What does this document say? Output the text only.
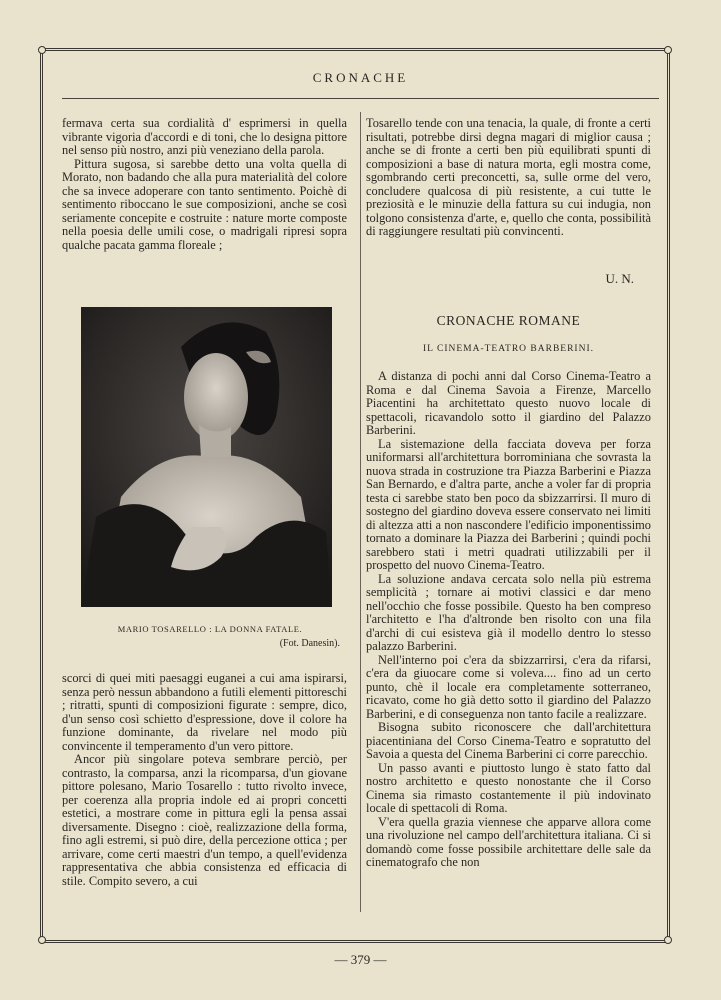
CRONACHE

fermava certa sua cordialità d' esprimersi in quella vibrante vigoria d'accordi e di toni, che lo designa pittore nel senso più nostro, anzi più veneziano della parola.

Pittura sugosa, si sarebbe detto una volta quella di Morato, non badando che alla pura materialità del colore che sa invece adoperare con tanto sentimento. Poichè di sentimento riboccano le sue composizioni, anche se così seriamente concepite e costruite : nature morte composte nella poesia delle umili cose, o madrigali ripresi sopra qualche pacata gamma floreale ;

MARIO TOSARELLO : LA DONNA FATALE.
(Fot. Danesin).

scorci di quei miti paesaggi euganei a cui ama ispirarsi, senza però nessun abbandono a futili elementi pittoreschi ; ritratti, spunti di composizioni figurate : sempre, dico, d'un senso così schietto d'espressione, dove il colore ha funzione dominante, da rivelare nel modo più convincente il temperamento d'un vero pittore.

Ancor più singolare poteva sembrare perciò, per contrasto, la comparsa, anzi la ricomparsa, d'un giovane pittore polesano, Mario Tosarello : tutto rivolto invece, per coerenza alla propria indole ed ai propri concetti estetici, a mostrare come in pittura egli la pensa assai diversamente. Disegno : cioè, realizzazione della forma, fino agli estremi, si può dire, della percezione ottica ; per arrivare, come certi maestri d'un tempo, a quell'evidenza rappresentativa che abbia consistenza ed efficacia di stile. Compito severo, a cui

Tosarello tende con una tenacia, la quale, di fronte a certi risultati, potrebbe dirsi degna magari di miglior causa ; anche se di fronte a certi ben più equilibrati spunti di composizioni a base di natura morta, egli mostra come, sgombrando certi preconcetti, sa, sulle orme del vero, concludere qualcosa di più resistente, a cui tutte le preziosità e le minuzie della fattura su cui indugia, non tolgono consistenza d'arte, e, quello che conta, possibilità di raggiungere resultati più convincenti.

U. N.
CRONACHE ROMANE
IL CINEMA-TEATRO BARBERINI.

A distanza di pochi anni dal Corso Cinema-Teatro a Roma e dal Cinema Savoia a Firenze, Marcello Piacentini ha architettato questo nuovo locale di spettacoli, ricavandolo sotto il giardino del Palazzo Barberini.

La sistemazione della facciata doveva per forza uniformarsi all'architettura borrominiana che sovrasta la nuova strada in costruzione tra Piazza Barberini e Piazza San Bernardo, e d'altra parte, anche a voler far di propria testa ci sarebbe stato ben poco da sbizzarrirsi. Il muro di sostegno del giardino doveva essere conservato nei limiti di altezza atti a non nascondere l'edificio imponentissimo tornato a dominare la Piazza dei Barberini ; quindi pochi sarebbero stati i metri quadrati utilizzabili per il prospetto del nuovo Cinema-Teatro.

La soluzione andava cercata solo nella più estrema semplicità ; tornare ai motivi classici e dar meno nell'occhio che fosse possibile. Questo ha ben compreso l'architetto e l'ha d'altronde ben risolto con una fila d'archi di cui esisteva già il modello dentro lo stesso palazzo Barberini.

Nell'interno poi c'era da sbizzarrirsi, c'era da rifarsi, c'era da giuocare come si voleva.... fino ad un certo punto, chè il locale era completamente sotterraneo, ricavato, come ho già detto sotto il giardino del Palazzo Barberini, e di conseguenza non tanto facile a realizzare.

Bisogna subito riconoscere che dall'architettura piacentiniana del Corso Cinema-Teatro e sopratutto del Savoia a questa del Cinema Barberini ci corre parecchio.

Un passo avanti e piuttosto lungo è stato fatto dal nostro architetto e questo nonostante che il Corso Cinema sia rimasto costantemente il più indovinato locale di spettacoli di Roma.

V'era quella grazia viennese che apparve allora come una rivoluzione nel campo dell'architettura italiana. Ci si domandò come fosse possibile architettare delle sale da cinematografo che non

— 379 —
